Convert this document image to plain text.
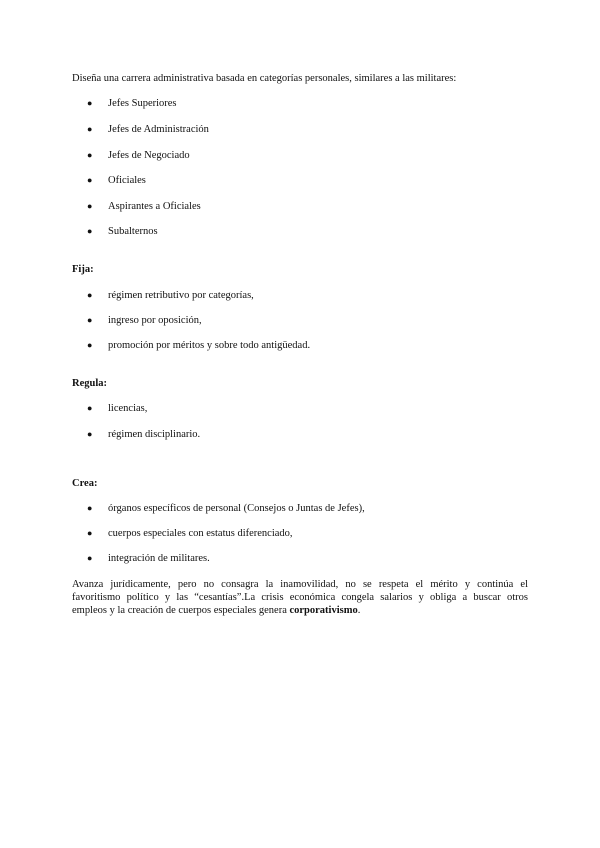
Diseña una carrera administrativa basada en categorías personales, similares a las militares:
● Jefes Superiores
● Jefes de Administración
● Jefes de Negociado
● Oficiales
● Aspirantes a Oficiales
● Subalternos
Fija:
● régimen retributivo por categorías,
● ingreso por oposición,
● promoción por méritos y sobre todo antigüedad.
Regula:
● licencias,
● régimen disciplinario.
Crea:
● órganos específicos de personal (Consejos o Juntas de Jefes),
● cuerpos especiales con estatus diferenciado,
● integración de militares.
Avanza jurídicamente, pero no consagra la inamovilidad, no se respeta el mérito y continúa el
favoritismo político y las “cesantías”.La crisis económica congela salarios y obliga a buscar otros
empleos y la creación de cuerpos especiales genera corporativismo.
